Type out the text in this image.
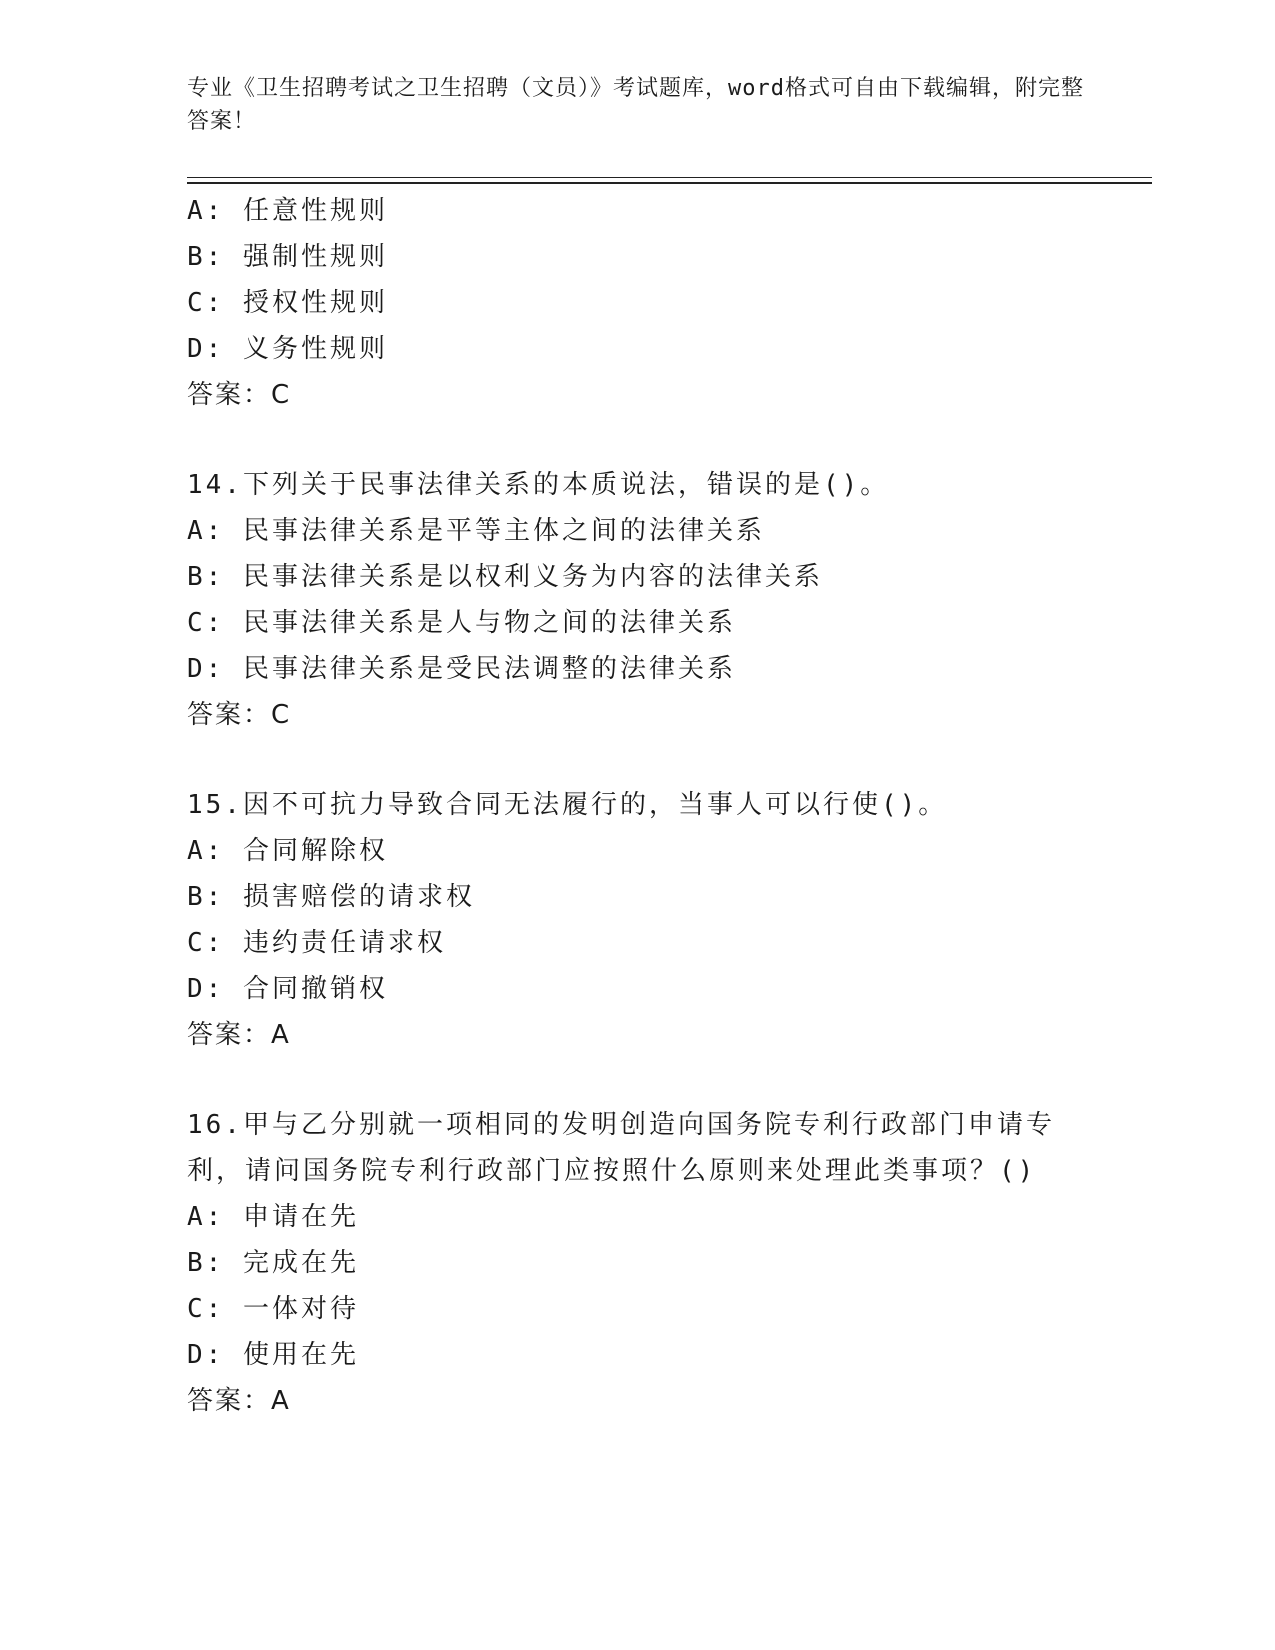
专业《卫生招聘考试之卫生招聘（文员）》考试题库，word格式可自由下载编辑，附完整答案！
A: 任意性规则
B: 强制性规则
C: 授权性规则
D: 义务性规则
答案：C
14.下列关于民事法律关系的本质说法，错误的是()。
A: 民事法律关系是平等主体之间的法律关系
B: 民事法律关系是以权利义务为内容的法律关系
C: 民事法律关系是人与物之间的法律关系
D: 民事法律关系是受民法调整的法律关系
答案：C
15.因不可抗力导致合同无法履行的，当事人可以行使()。
A: 合同解除权
B: 损害赔偿的请求权
C: 违约责任请求权
D: 合同撤销权
答案：A
16.甲与乙分别就一项相同的发明创造向国务院专利行政部门申请专利，请问国务院专利行政部门应按照什么原则来处理此类事项？()
A: 申请在先
B: 完成在先
C: 一体对待
D: 使用在先
答案：A
